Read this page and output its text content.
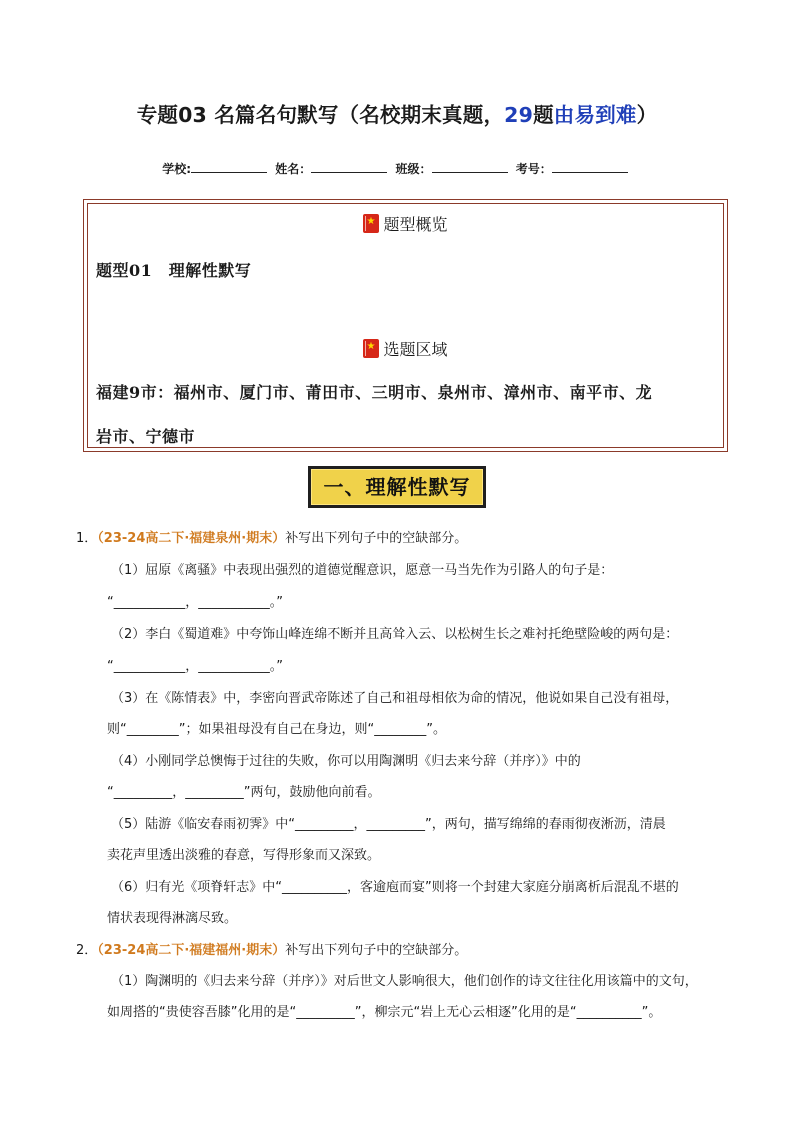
专题03 名篇名句默写（名校期末真题，29题由易到难）
学校:	姓名：	班级：	考号：
★题型概览
题型01　理解性默写
★选题区域
福建9市：福州市、厦门市、莆田市、三明市、泉州市、漳州市、南平市、龙
岩市、宁德市
一、理解性默写
1．（23-24高二下·福建泉州·期末）补写出下列句子中的空缺部分。
（1）屈原《离骚》中表现出强烈的道德觉醒意识，愿意一马当先作为引路人的句子是：
“___________，___________。”
（2）李白《蜀道难》中夸饰山峰连绵不断并且高耸入云、以松树生长之难衬托绝壁险峻的两句是：
“___________，___________。”
（3）在《陈情表》中，李密向晋武帝陈述了自己和祖母相依为命的情况，他说如果自己没有祖母，
则“________”；如果祖母没有自己在身边，则“________”。
（4）小刚同学总懊悔于过往的失败，你可以用陶渊明《归去来兮辞（并序）》中的
“_________，_________”两句，鼓励他向前看。
（5）陆游《临安春雨初霁》中“_________，_________”，两句，描写绵绵的春雨彻夜淅沥，清晨
卖花声里透出淡雅的春意，写得形象而又深致。
（6）归有光《项脊轩志》中“__________，客逾庖而宴”则将一个封建大家庭分崩离析后混乱不堪的
情状表现得淋漓尽致。
2．（23-24高二下·福建福州·期末）补写出下列句子中的空缺部分。
（1）陶渊明的《归去来兮辞（并序）》对后世文人影响很大，他们创作的诗文往往化用该篇中的文句，
如周搭的“贵使容吾膝”化用的是“_________”，柳宗元“岩上无心云相逐”化用的是“__________”。
